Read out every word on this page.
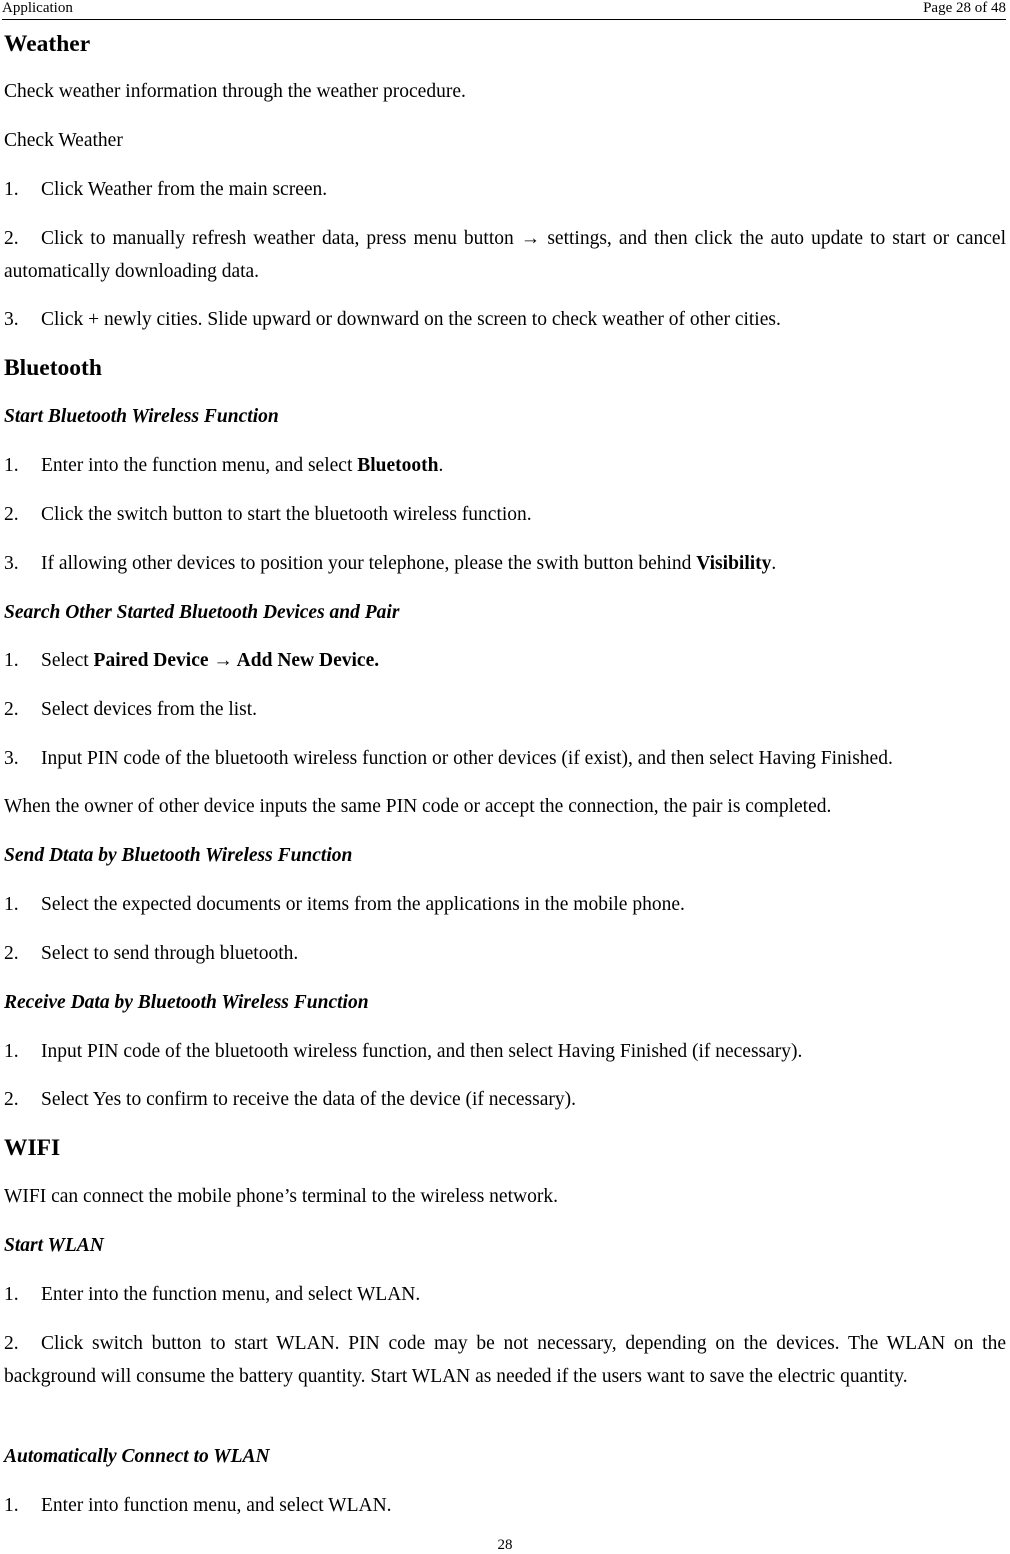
Application	Page 28 of 48
Weather
Check weather information through the weather procedure.
Check Weather
1. Click Weather from the main screen.
2. Click to manually refresh weather data, press menu button → settings, and then click the auto update to start or cancel automatically downloading data.
3. Click + newly cities. Slide upward or downward on the screen to check weather of other cities.
Bluetooth
Start Bluetooth Wireless Function
1. Enter into the function menu, and select Bluetooth.
2. Click the switch button to start the bluetooth wireless function.
3. If allowing other devices to position your telephone, please the swith button behind Visibility.
Search Other Started Bluetooth Devices and Pair
1. Select Paired Device → Add New Device.
2. Select devices from the list.
3. Input PIN code of the bluetooth wireless function or other devices (if exist), and then select Having Finished.
When the owner of other device inputs the same PIN code or accept the connection, the pair is completed.
Send Dtata by Bluetooth Wireless Function
1. Select the expected documents or items from the applications in the mobile phone.
2. Select to send through bluetooth.
Receive Data by Bluetooth Wireless Function
1. Input PIN code of the bluetooth wireless function, and then select Having Finished (if necessary).
2. Select Yes to confirm to receive the data of the device (if necessary).
WIFI
WIFI can connect the mobile phone’s terminal to the wireless network.
Start WLAN
1. Enter into the function menu, and select WLAN.
2. Click switch button to start WLAN. PIN code may be not necessary, depending on the devices. The WLAN on the background will consume the battery quantity. Start WLAN as needed if the users want to save the electric quantity.
Automatically Connect to WLAN
1. Enter into function menu, and select WLAN.
28
